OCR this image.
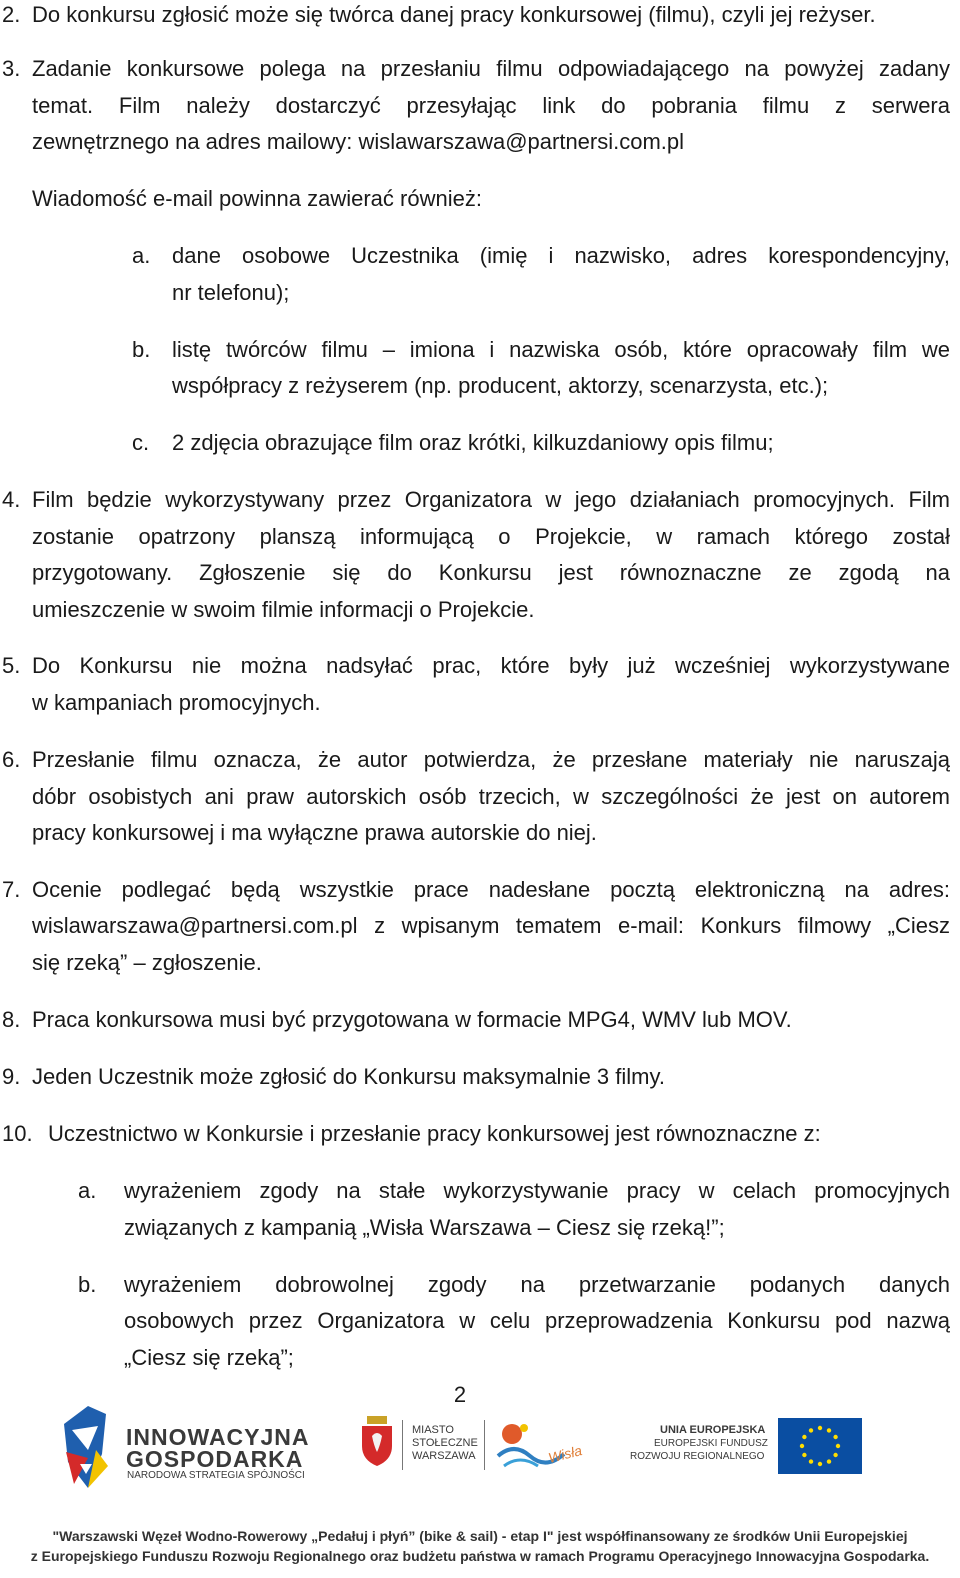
2. Do konkursu zgłosić może się twórca danej pracy konkursowej (filmu), czyli jej reżyser.
3. Zadanie konkursowe polega na przesłaniu filmu odpowiadającego na powyżej zadany
temat. Film należy dostarczyć przesyłając link do pobrania filmu z serwera
zewnętrznego na adres mailowy: wislawarszawa@partnersi.com.pl
Wiadomość e-mail powinna zawierać również:
a. dane osobowe Uczestnika (imię i nazwisko, adres korespondencyjny,
nr telefonu);
b. listę twórców filmu – imiona i nazwiska osób, które opracowały film we
współpracy z reżyserem (np. producent, aktorzy, scenarzysta, etc.);
c. 2 zdjęcia obrazujące film oraz krótki, kilkuzdaniowy opis filmu;
4. Film będzie wykorzystywany przez Organizatora w jego działaniach promocyjnych. Film
zostanie opatrzony planszą informującą o Projekcie, w ramach którego został
przygotowany. Zgłoszenie się do Konkursu jest równoznaczne ze zgodą na
umieszczenie w swoim filmie informacji o Projekcie.
5. Do Konkursu nie można nadsyłać prac, które były już wcześniej wykorzystywane
w kampaniach promocyjnych.
6. Przesłanie filmu oznacza, że autor potwierdza, że przesłane materiały nie naruszają
dóbr osobistych ani praw autorskich osób trzecich, w szczególności że jest on autorem
pracy konkursowej i ma wyłączne prawa autorskie do niej.
7. Ocenie podlegać będą wszystkie prace nadesłane pocztą elektroniczną na adres:
wislawarszawa@partnersi.com.pl z wpisanym tematem e-mail: Konkurs filmowy „Ciesz
się rzeką” – zgłoszenie.
8. Praca konkursowa musi być przygotowana w formacie MPG4, WMV lub MOV.
9. Jeden Uczestnik może zgłosić do Konkursu maksymalnie 3 filmy.
10. Uczestnictwo w Konkursie i przesłanie pracy konkursowej jest równoznaczne z:
a. wyrażeniem zgody na stałe wykorzystywanie pracy w celach promocyjnych
związanych z kampanią „Wisła Warszawa – Ciesz się rzeką!”;
b. wyrażeniem dobrowolnej zgody na przetwarzanie podanych danych
osobowych przez Organizatora w celu przeprowadzenia Konkursu pod nazwą
„Ciesz się rzeką”;
2
INNOWACYJNA
GOSPODARKA
NARODOWA STRATEGIA SPÓJNOŚCI
MIASTO
STOŁECZNE
WARSZAWA	Wisła
UNIA EUROPEJSKA
EUROPEJSKI FUNDUSZ
ROZWOJU REGIONALNEGO
"Warszawski Węzeł Wodno-Rowerowy „Pedałuj i płyń” (bike & sail) - etap I" jest współfinansowany ze środków Unii Europejskiej
z Europejskiego Funduszu Rozwoju Regionalnego oraz budżetu państwa w ramach Programu Operacyjnego Innowacyjna Gospodarka.
